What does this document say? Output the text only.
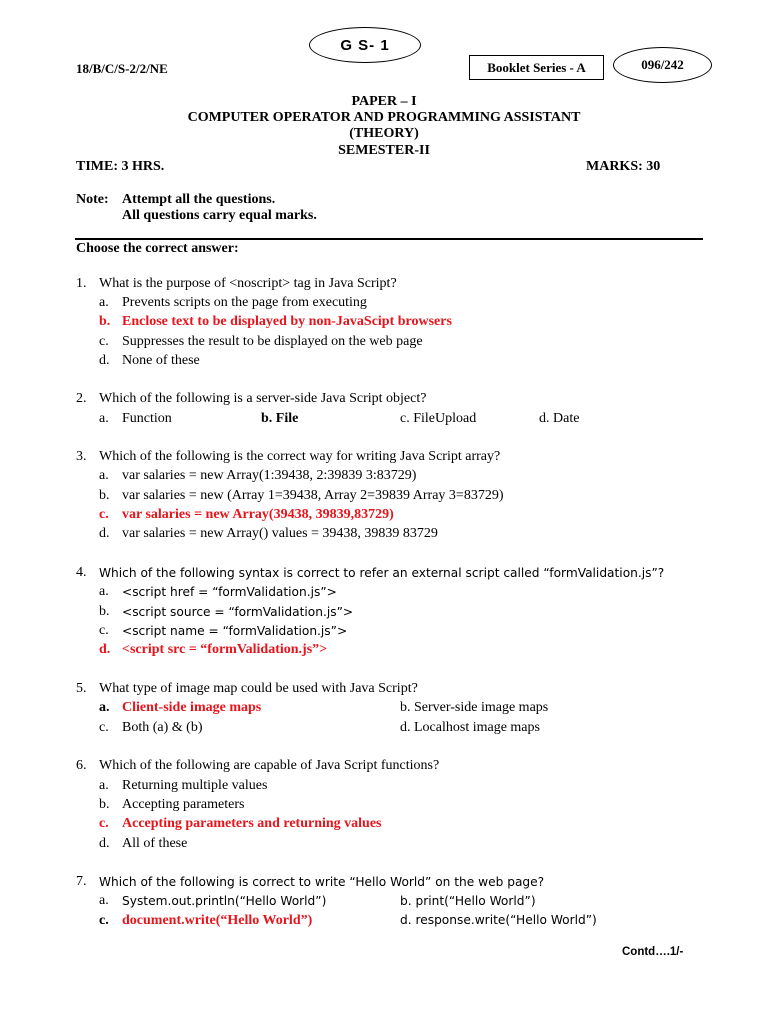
G S- 1
18/B/C/S-2/2/NE	Booklet Series - A	096/242
PAPER – I
COMPUTER OPERATOR AND PROGRAMMING ASSISTANT
(THEORY)
SEMESTER-II
TIME: 3 HRS.	MARKS: 30
Note: Attempt all the questions.
All questions carry equal marks.
Choose the correct answer:
1. What is the purpose of <noscript> tag in Java Script?
a. Prevents scripts on the page from executing
b. Enclose text to be displayed by non-JavaScipt browsers
c. Suppresses the result to be displayed on the web page
d. None of these
2. Which of the following is a server-side Java Script object?
a. Function	b. File	c. FileUpload	d. Date
3. Which of the following is the correct way for writing Java Script array?
a. var salaries = new Array(1:39438, 2:39839 3:83729)
b. var salaries = new (Array 1=39438, Array 2=39839 Array 3=83729)
c. var salaries = new Array(39438, 39839,83729)
d. var salaries = new Array() values = 39438, 39839 83729
4. Which of the following syntax is correct to refer an external script called “formValidation.js”?
a. <script href = “formValidation.js”>
b. <script source = “formValidation.js”>
c. <script name = “formValidation.js”>
d. <script src = “formValidation.js”>
5. What type of image map could be used with Java Script?
a. Client-side image maps	b. Server-side image maps
c. Both (a) & (b)	d. Localhost image maps
6. Which of the following are capable of Java Script functions?
a. Returning multiple values
b. Accepting parameters
c. Accepting parameters and returning values
d. All of these
7. Which of the following is correct to write “Hello World” on the web page?
a. System.out.println(“Hello World”)	b. print(“Hello World”)
c. document.write(“Hello World”)	d. response.write(“Hello World”)
Contd….1/-
